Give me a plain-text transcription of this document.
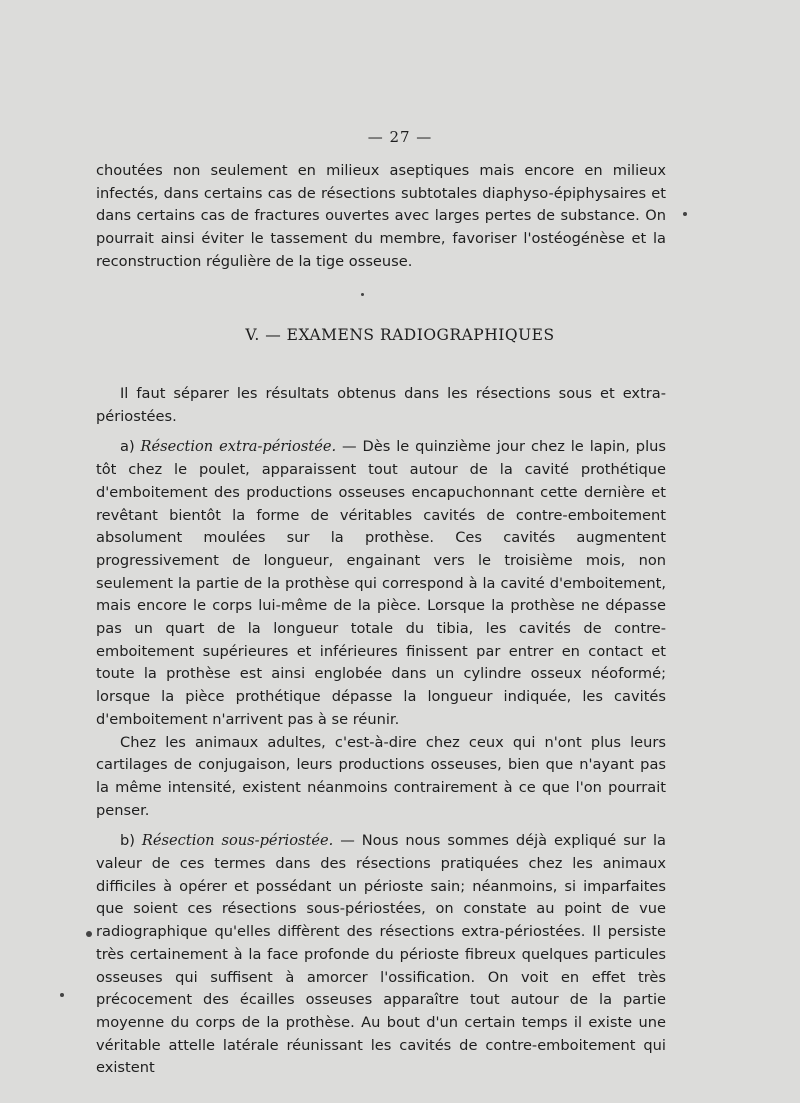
— 27 —

choutées non seulement en milieux aseptiques mais encore en milieux infectés, dans certains cas de résections subtotales diaphyso-épiphysaires et dans certains cas de fractures ouvertes avec larges pertes de substance. On pourrait ainsi éviter le tassement du membre, favoriser l'ostéogénèse et la reconstruction régulière de la tige osseuse.

V. — EXAMENS RADIOGRAPHIQUES

Il faut séparer les résultats obtenus dans les résections sous et extra-périostées.

a) Résection extra-périostée. — Dès le quinzième jour chez le lapin, plus tôt chez le poulet, apparaissent tout autour de la cavité prothétique d'emboitement des productions osseuses encapuchonnant cette dernière et revêtant bientôt la forme de véritables cavités de contre-emboitement absolument moulées sur la prothèse. Ces cavités augmentent progressivement de longueur, engainant vers le troisième mois, non seulement la partie de la prothèse qui correspond à la cavité d'emboitement, mais encore le corps lui-même de la pièce. Lorsque la prothèse ne dépasse pas un quart de la longueur totale du tibia, les cavités de contre-emboitement supérieures et inférieures finissent par entrer en contact et toute la prothèse est ainsi englobée dans un cylindre osseux néoformé; lorsque la pièce prothétique dépasse la longueur indiquée, les cavités d'emboitement n'arrivent pas à se réunir.

Chez les animaux adultes, c'est-à-dire chez ceux qui n'ont plus leurs cartilages de conjugaison, leurs productions osseuses, bien que n'ayant pas la même intensité, existent néanmoins contrairement à ce que l'on pourrait penser.

b) Résection sous-périostée. — Nous nous sommes déjà expliqué sur la valeur de ces termes dans des résections pratiquées chez les animaux difficiles à opérer et possédant un périoste sain; néanmoins, si imparfaites que soient ces résections sous-périostées, on constate au point de vue radiographique qu'elles diffèrent des résections extra-périostées. Il persiste très certainement à la face profonde du périoste fibreux quelques particules osseuses qui suffisent à amorcer l'ossification. On voit en effet très précocement des écailles osseuses apparaître tout autour de la partie moyenne du corps de la prothèse. Au bout d'un certain temps il existe une véritable attelle latérale réunissant les cavités de contre-emboitement qui existent
